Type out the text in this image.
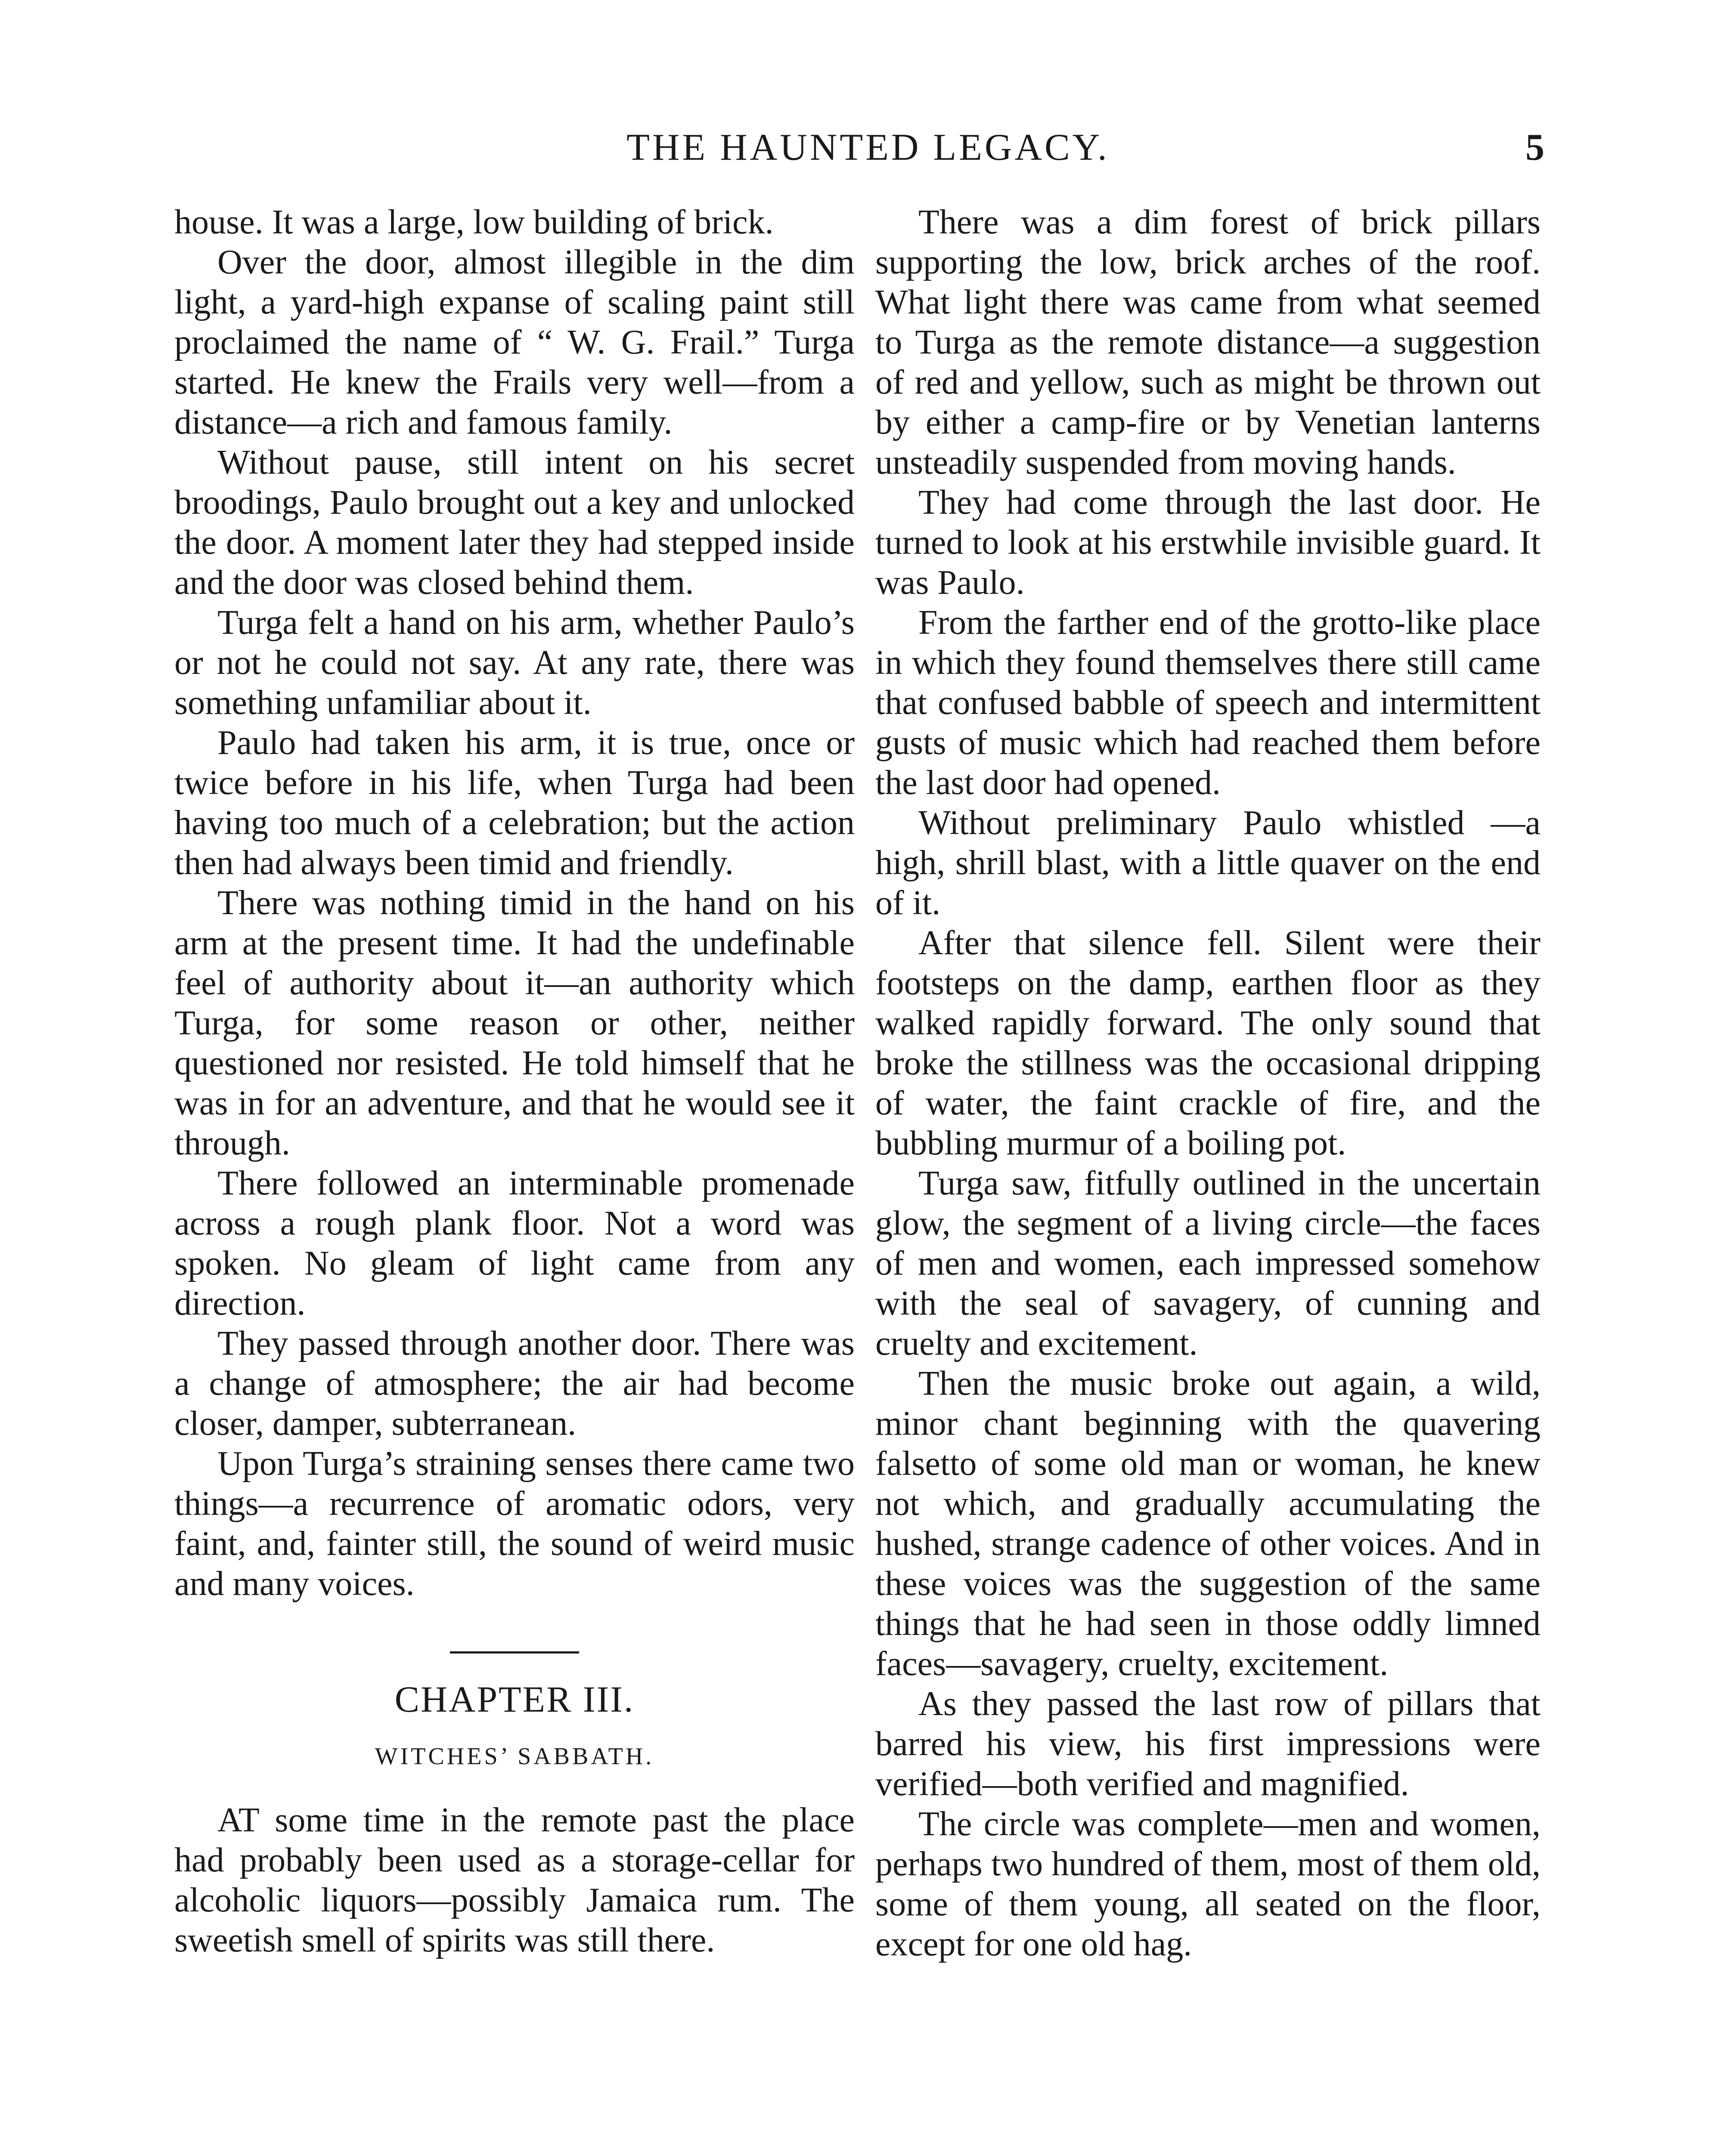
THE HAUNTED LEGACY.	5

house. It was a large, low building of brick.

Over the door, almost illegible in the dim light, a yard-high expanse of scaling paint still proclaimed the name of “ W. G. Frail.” Turga started. He knew the Frails very well—from a distance—a rich and famous family.

Without pause, still intent on his secret broodings, Paulo brought out a key and unlocked the door. A moment later they had stepped inside and the door was closed behind them.

Turga felt a hand on his arm, whether Paulo’s or not he could not say. At any rate, there was something unfamiliar about it.

Paulo had taken his arm, it is true, once or twice before in his life, when Turga had been having too much of a celebration; but the action then had always been timid and friendly.

There was nothing timid in the hand on his arm at the present time. It had the undefinable feel of authority about it—an authority which Turga, for some reason or other, neither questioned nor resisted. He told himself that he was in for an adventure, and that he would see it through.

There followed an interminable promenade across a rough plank floor. Not a word was spoken. No gleam of light came from any direction.

They passed through another door. There was a change of atmosphere; the air had become closer, damper, subterranean.

Upon Turga’s straining senses there came two things—a recurrence of aromatic odors, very faint, and, fainter still, the sound of weird music and many voices.

CHAPTER III.
WITCHES’ SABBATH.

AT some time in the remote past the place had probably been used as a storage-cellar for alcoholic liquors—possibly Jamaica rum. The sweetish smell of spirits was still there.

There was a dim forest of brick pillars supporting the low, brick arches of the roof. What light there was came from what seemed to Turga as the remote distance—a suggestion of red and yellow, such as might be thrown out by either a camp-fire or by Venetian lanterns unsteadily suspended from moving hands.

They had come through the last door. He turned to look at his erstwhile invisible guard. It was Paulo.

From the farther end of the grotto-like place in which they found themselves there still came that confused babble of speech and intermittent gusts of music which had reached them before the last door had opened.

Without preliminary Paulo whistled —a high, shrill blast, with a little quaver on the end of it.

After that silence fell. Silent were their footsteps on the damp, earthen floor as they walked rapidly forward. The only sound that broke the stillness was the occasional dripping of water, the faint crackle of fire, and the bubbling murmur of a boiling pot.

Turga saw, fitfully outlined in the uncertain glow, the segment of a living circle—the faces of men and women, each impressed somehow with the seal of savagery, of cunning and cruelty and excitement.

Then the music broke out again, a wild, minor chant beginning with the quavering falsetto of some old man or woman, he knew not which, and gradually accumulating the hushed, strange cadence of other voices. And in these voices was the suggestion of the same things that he had seen in those oddly limned faces—savagery, cruelty, excitement.

As they passed the last row of pillars that barred his view, his first impressions were verified—both verified and magnified.

The circle was complete—men and women, perhaps two hundred of them, most of them old, some of them young, all seated on the floor, except for one old hag.
